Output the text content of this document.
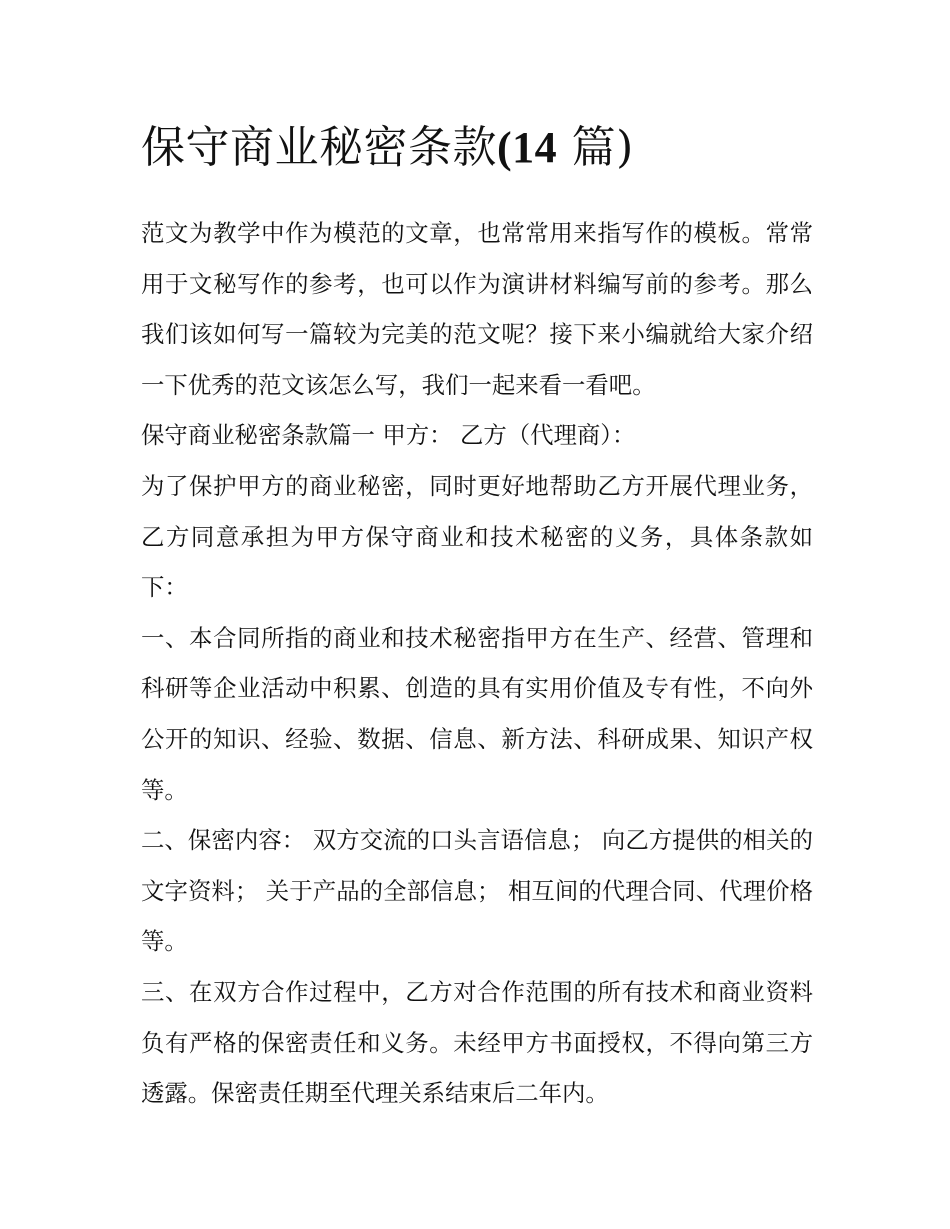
保守商业秘密条款(14 篇)

范文为教学中作为模范的文章，也常常用来指写作的模板。常常用于文秘写作的参考，也可以作为演讲材料编写前的参考。那么我们该如何写一篇较为完美的范文呢？接下来小编就给大家介绍一下优秀的范文该怎么写，我们一起来看一看吧。

保守商业秘密条款篇一 甲方： 乙方（代理商）：

为了保护甲方的商业秘密，同时更好地帮助乙方开展代理业务，乙方同意承担为甲方保守商业和技术秘密的义务，具体条款如下：

一、本合同所指的商业和技术秘密指甲方在生产、经营、管理和科研等企业活动中积累、创造的具有实用价值及专有性，不向外公开的知识、经验、数据、信息、新方法、科研成果、知识产权等。

二、保密内容： 双方交流的口头言语信息； 向乙方提供的相关的文字资料； 关于产品的全部信息； 相互间的代理合同、代理价格等。

三、在双方合作过程中，乙方对合作范围的所有技术和商业资料负有严格的保密责任和义务。未经甲方书面授权，不得向第三方透露。保密责任期至代理关系结束后二年内。
